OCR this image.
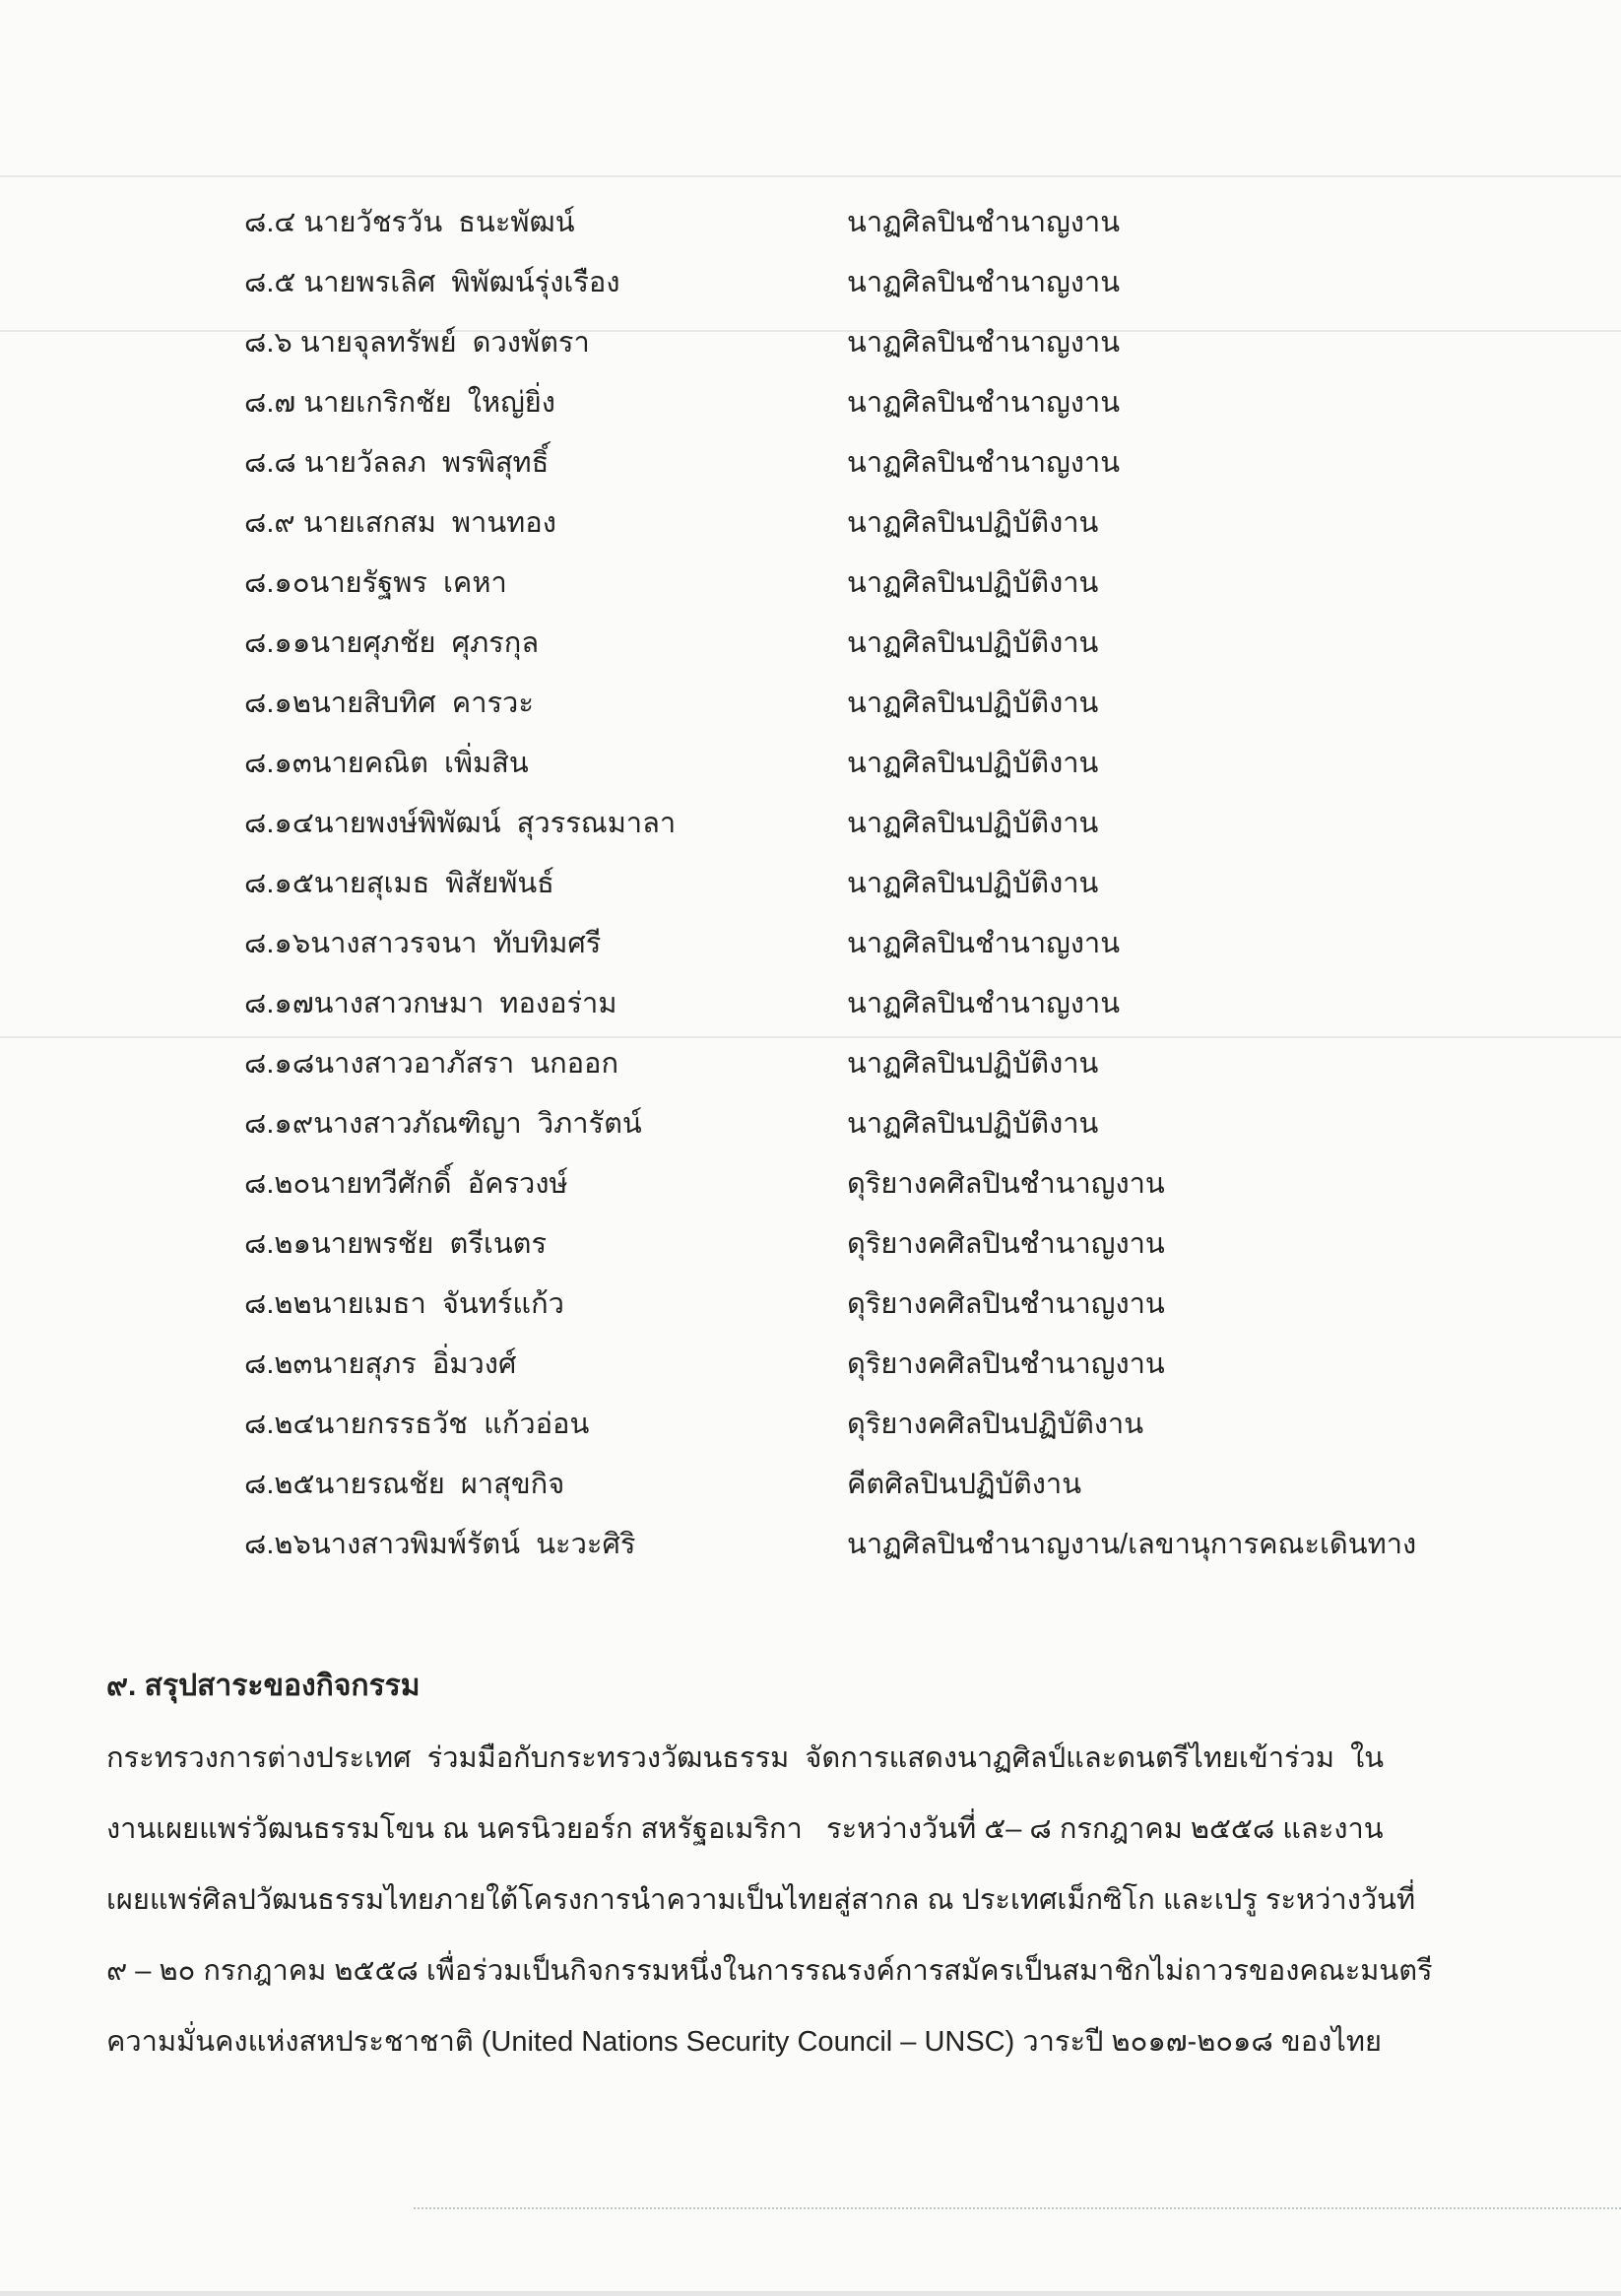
๘.๔ นายวัชรวัน  ธนะพัฒน์	นาฏศิลปินชำนาญงาน
๘.๕ นายพรเลิศ  พิพัฒน์รุ่งเรือง	นาฏศิลปินชำนาญงาน
๘.๖ นายจุลทรัพย์  ดวงพัตรา	นาฏศิลปินชำนาญงาน
๘.๗ นายเกริกชัย  ใหญ่ยิ่ง	นาฏศิลปินชำนาญงาน
๘.๘ นายวัลลภ  พรพิสุทธิ์	นาฏศิลปินชำนาญงาน
๘.๙ นายเสกสม  พานทอง	นาฏศิลปินปฏิบัติงาน
๘.๑๐นายรัฐพร  เคหา	นาฏศิลปินปฏิบัติงาน
๘.๑๑นายศุภชัย  ศุภรกุล	นาฏศิลปินปฏิบัติงาน
๘.๑๒นายสิบทิศ  คารวะ	นาฏศิลปินปฏิบัติงาน
๘.๑๓นายคณิต  เพิ่มสิน	นาฏศิลปินปฏิบัติงาน
๘.๑๔นายพงษ์พิพัฒน์  สุวรรณมาลา	นาฏศิลปินปฏิบัติงาน
๘.๑๕นายสุเมธ  พิสัยพันธ์	นาฏศิลปินปฏิบัติงาน
๘.๑๖นางสาวรจนา  ทับทิมศรี	นาฏศิลปินชำนาญงาน
๘.๑๗นางสาวกษมา  ทองอร่าม	นาฏศิลปินชำนาญงาน
๘.๑๘นางสาวอาภัสรา  นกออก	นาฏศิลปินปฏิบัติงาน
๘.๑๙นางสาวภัณฑิญา  วิภารัตน์	นาฏศิลปินปฏิบัติงาน
๘.๒๐นายทวีศักดิ์  อัครวงษ์	ดุริยางคศิลปินชำนาญงาน
๘.๒๑นายพรชัย  ตรีเนตร	ดุริยางคศิลปินชำนาญงาน
๘.๒๒นายเมธา  จันทร์แก้ว	ดุริยางคศิลปินชำนาญงาน
๘.๒๓นายสุภร  อิ่มวงศ์	ดุริยางคศิลปินชำนาญงาน
๘.๒๔นายกรรธวัช  แก้วอ่อน	ดุริยางคศิลปินปฏิบัติงาน
๘.๒๕นายรณชัย  ผาสุขกิจ	คีตศิลปินปฏิบัติงาน
๘.๒๖นางสาวพิมพ์รัตน์  นะวะศิริ	นาฏศิลปินชำนาญงาน/เลขานุการคณะเดินทาง
๙. สรุปสาระของกิจกรรม
กระทรวงการต่างประเทศ  ร่วมมือกับกระทรวงวัฒนธรรม  จัดการแสดงนาฏศิลป์และดนตรีไทยเข้าร่วม  ใน
งานเผยแพร่วัฒนธรรมโขน ณ นครนิวยอร์ก สหรัฐอเมริกา   ระหว่างวันที่ ๕– ๘ กรกฎาคม ๒๕๕๘ และงาน
เผยแพร่ศิลปวัฒนธรรมไทยภายใต้โครงการนำความเป็นไทยสู่สากล ณ ประเทศเม็กซิโก และเปรู ระหว่างวันที่
๙ – ๒๐ กรกฎาคม ๒๕๕๘ เพื่อร่วมเป็นกิจกรรมหนึ่งในการรณรงค์การสมัครเป็นสมาชิกไม่ถาวรของคณะมนตรี
ความมั่นคงแห่งสหประชาชาติ (United Nations Security Council – UNSC) วาระปี ๒๐๑๗-๒๐๑๘ ของไทย
